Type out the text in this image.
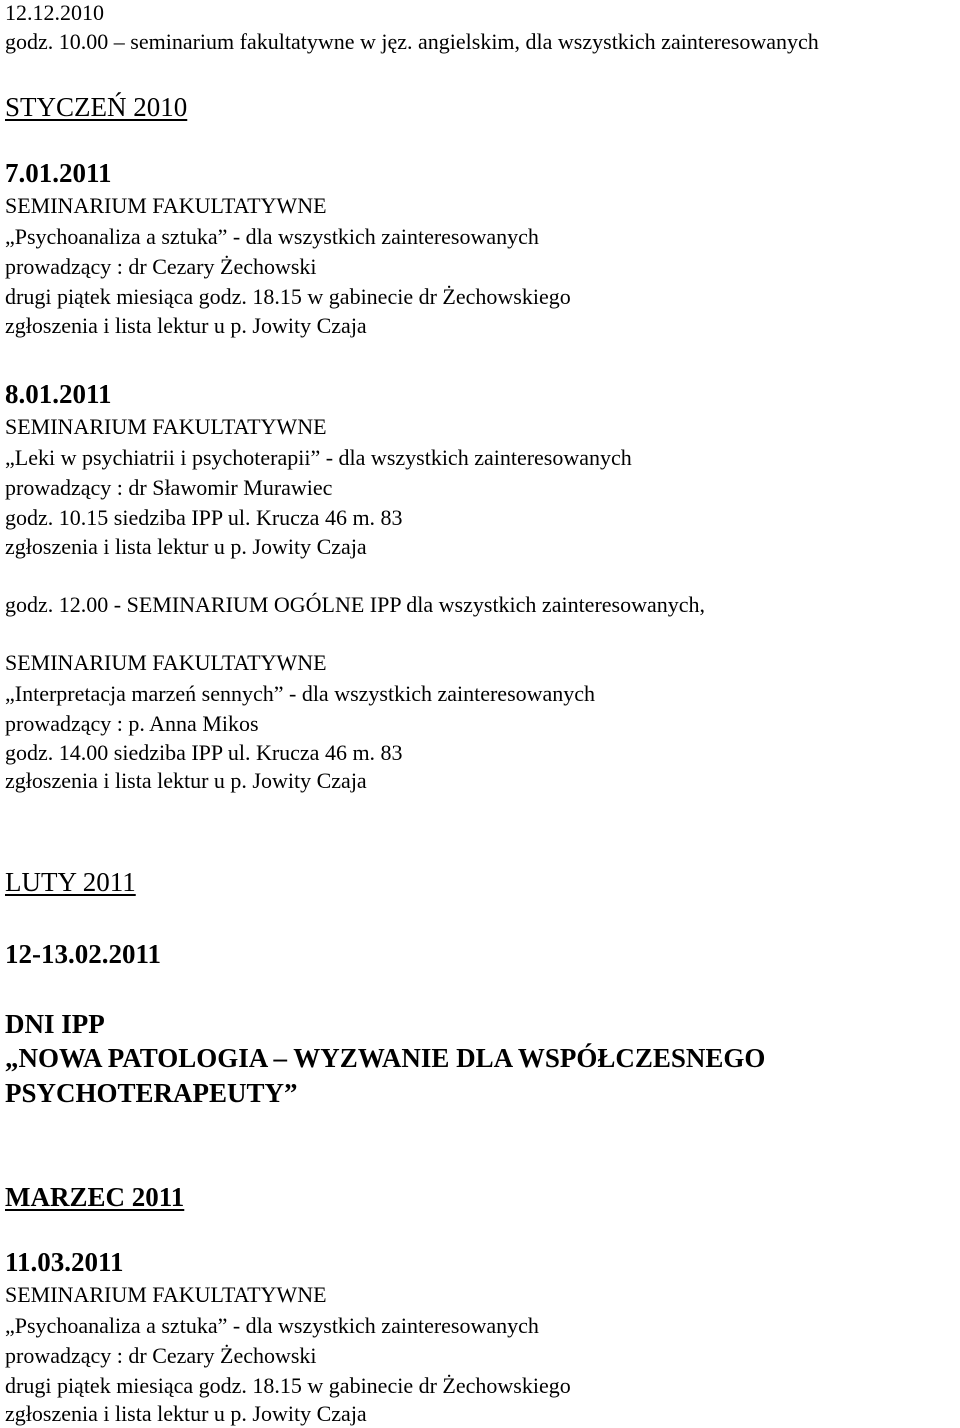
12.12.2010
godz. 10.00 – seminarium fakultatywne w jęz. angielskim, dla wszystkich zainteresowanych
STYCZEŃ 2010
7.01.2011
SEMINARIUM FAKULTATYWNE
„Psychoanaliza a sztuka” - dla wszystkich zainteresowanych
prowadzący : dr Cezary Żechowski
drugi piątek miesiąca godz. 18.15 w gabinecie dr Żechowskiego
zgłoszenia i lista lektur u p. Jowity Czaja
8.01.2011
SEMINARIUM FAKULTATYWNE
„Leki w psychiatrii i psychoterapii” - dla wszystkich zainteresowanych
prowadzący : dr Sławomir Murawiec
godz. 10.15 siedziba IPP ul. Krucza 46 m. 83
zgłoszenia i lista lektur u p. Jowity Czaja
godz. 12.00 - SEMINARIUM OGÓLNE IPP dla wszystkich zainteresowanych,
SEMINARIUM FAKULTATYWNE
„Interpretacja marzeń sennych” - dla wszystkich zainteresowanych
prowadzący : p. Anna Mikos
godz. 14.00 siedziba IPP ul. Krucza 46 m. 83
zgłoszenia i lista lektur u p. Jowity Czaja
LUTY 2011
12-13.02.2011
DNI IPP
„NOWA PATOLOGIA – WYZWANIE DLA WSPÓŁCZESNEGO
PSYCHOTERAPEUTY”
MARZEC 2011
11.03.2011
SEMINARIUM FAKULTATYWNE
„Psychoanaliza a sztuka” - dla wszystkich zainteresowanych
prowadzący : dr Cezary Żechowski
drugi piątek miesiąca godz. 18.15 w gabinecie dr Żechowskiego
zgłoszenia i lista lektur u p. Jowity Czaja
